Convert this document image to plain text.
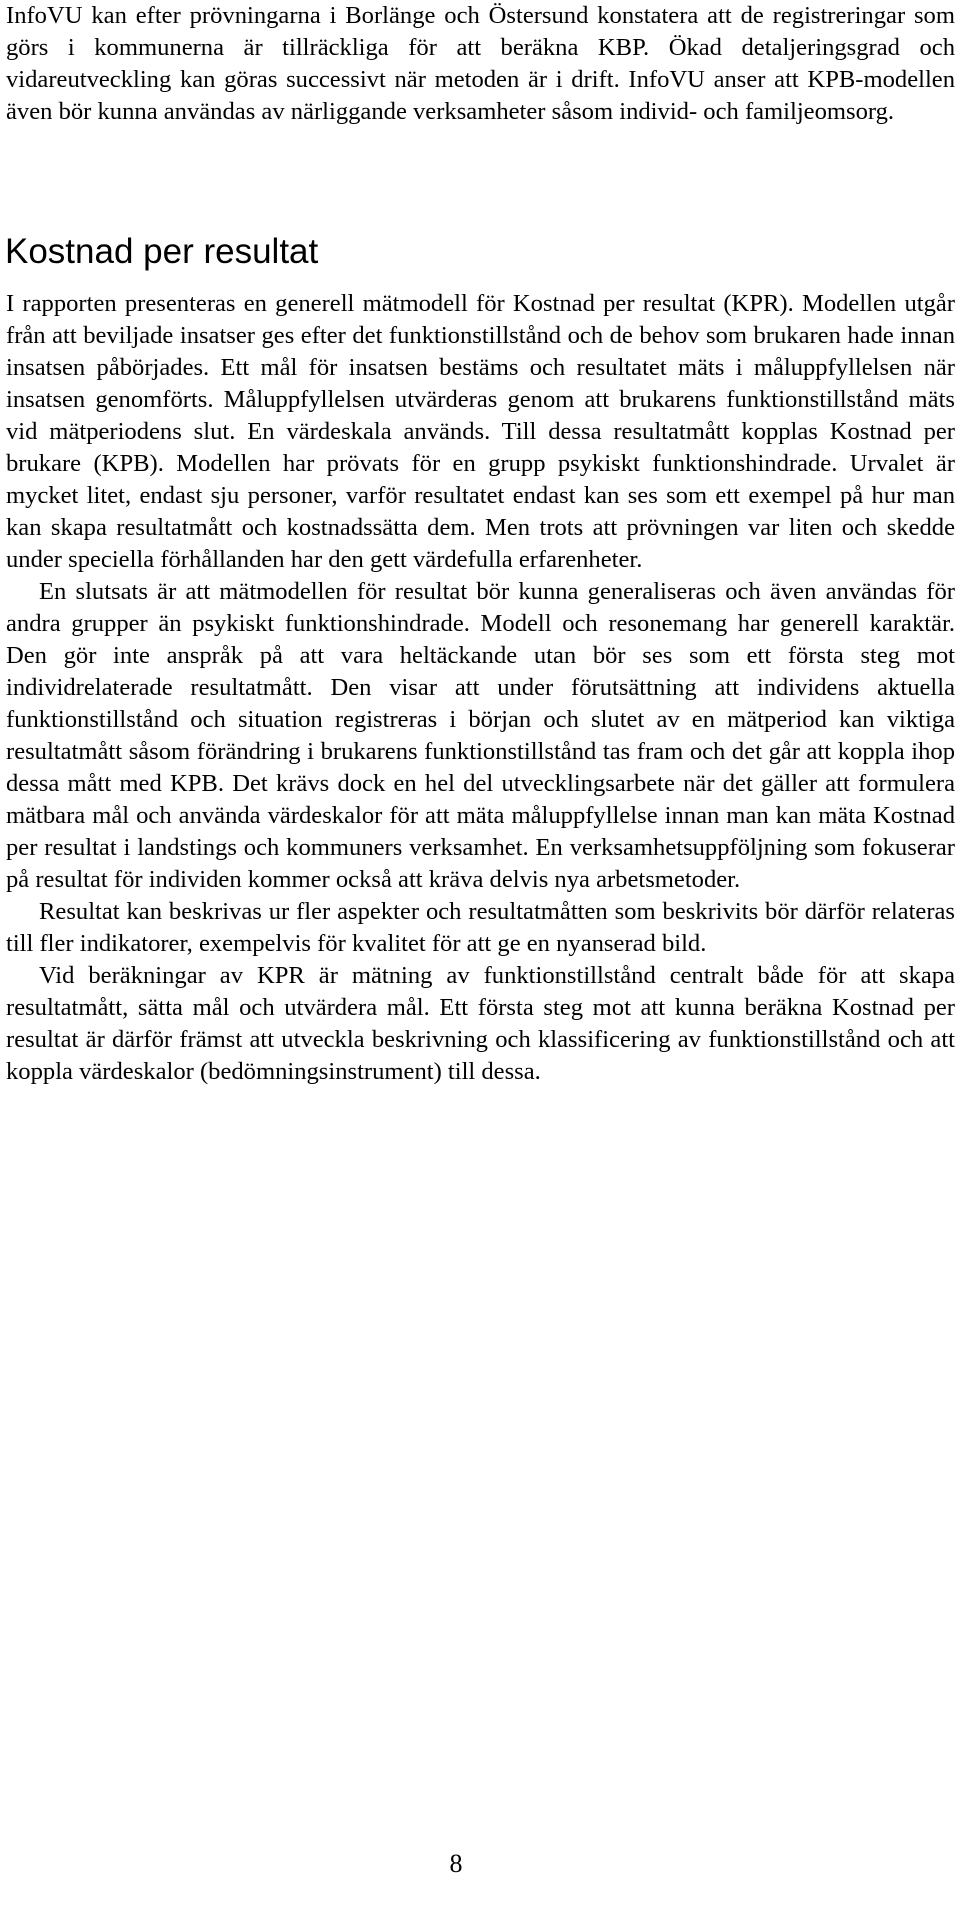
InfoVU kan efter prövningarna i Borlänge och Östersund konstatera att de registreringar som görs i kommunerna är tillräckliga för att beräkna KBP. Ökad detaljeringsgrad och vidareutveckling kan göras successivt när metoden är i drift. InfoVU anser att KPB-modellen även bör kunna användas av närliggande verksamheter såsom individ- och familjeomsorg.

Kostnad per resultat

I rapporten presenteras en generell mätmodell för Kostnad per resultat (KPR). Modellen utgår från att beviljade insatser ges efter det funktionstillstånd och de behov som brukaren hade innan insatsen påbörjades. Ett mål för insatsen bestäms och resultatet mäts i måluppfyllelsen när insatsen genomförts. Måluppfyllelsen utvärderas genom att brukarens funktionstillstånd mäts vid mätperiodens slut. En värdeskala används. Till dessa resultatmått kopplas Kostnad per brukare (KPB). Modellen har prövats för en grupp psykiskt funktionshindrade. Urvalet är mycket litet, endast sju personer, varför resultatet endast kan ses som ett exempel på hur man kan skapa resultatmått och kostnadssätta dem. Men trots att prövningen var liten och skedde under speciella förhållanden har den gett värdefulla erfarenheter.

En slutsats är att mätmodellen för resultat bör kunna generaliseras och även användas för andra grupper än psykiskt funktionshindrade. Modell och resonemang har generell karaktär. Den gör inte anspråk på att vara heltäckande utan bör ses som ett första steg mot individrelaterade resultatmått. Den visar att under förutsättning att individens aktuella funktionstillstånd och situation registreras i början och slutet av en mätperiod kan viktiga resultatmått såsom förändring i brukarens funktionstillstånd tas fram och det går att koppla ihop dessa mått med KPB. Det krävs dock en hel del utvecklingsarbete när det gäller att formulera mätbara mål och använda värdeskalor för att mäta måluppfyllelse innan man kan mäta Kostnad per resultat i landstings och kommuners verksamhet. En verksamhetsuppföljning som fokuserar på resultat för individen kommer också att kräva delvis nya arbetsmetoder.

Resultat kan beskrivas ur fler aspekter och resultatmåtten som beskrivits bör därför relateras till fler indikatorer, exempelvis för kvalitet för att ge en nyanserad bild.

Vid beräkningar av KPR är mätning av funktionstillstånd centralt både för att skapa resultatmått, sätta mål och utvärdera mål. Ett första steg mot att kunna beräkna Kostnad per resultat är därför främst att utveckla beskrivning och klassificering av funktionstillstånd och att koppla värdeskalor (bedömningsinstrument) till dessa.

8
